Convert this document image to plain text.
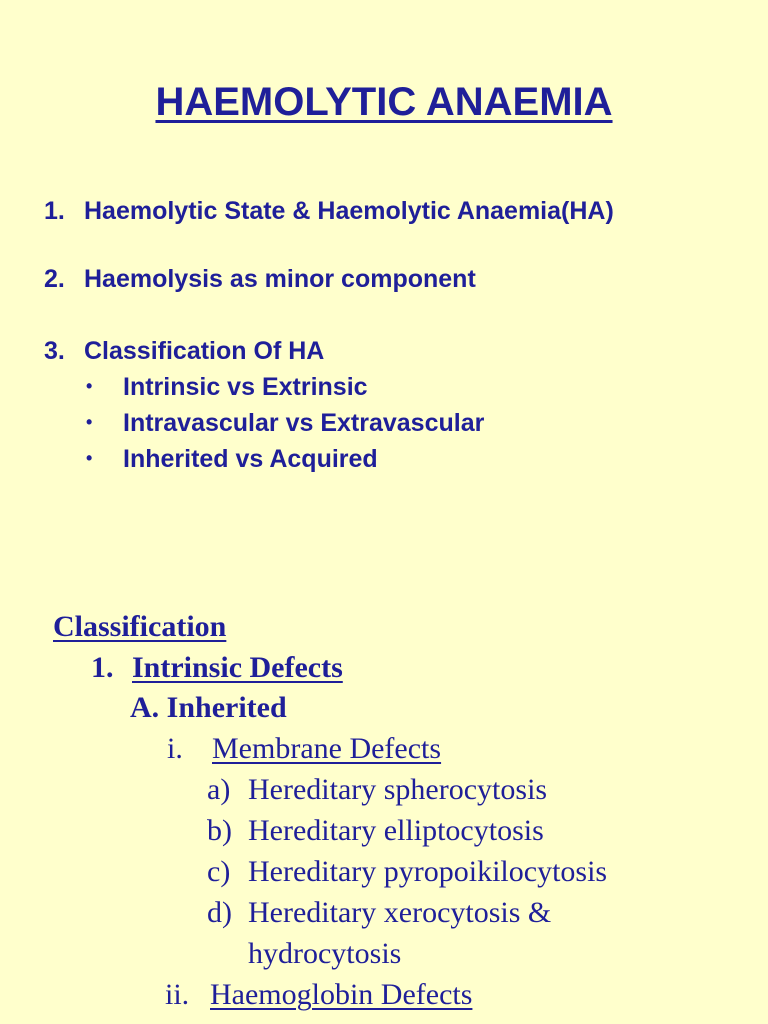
HAEMOLYTIC ANAEMIA
1. Haemolytic State & Haemolytic Anaemia(HA)
2. Haemolysis as minor component
3. Classification Of HA
• Intrinsic vs Extrinsic
• Intravascular vs Extravascular
• Inherited vs Acquired
Classification
1. Intrinsic Defects
A. Inherited
i. Membrane Defects
a) Hereditary spherocytosis
b) Hereditary elliptocytosis
c) Hereditary pyropoikilocytosis
d) Hereditary xerocytosis &
hydrocytosis
ii. Haemoglobin Defects
